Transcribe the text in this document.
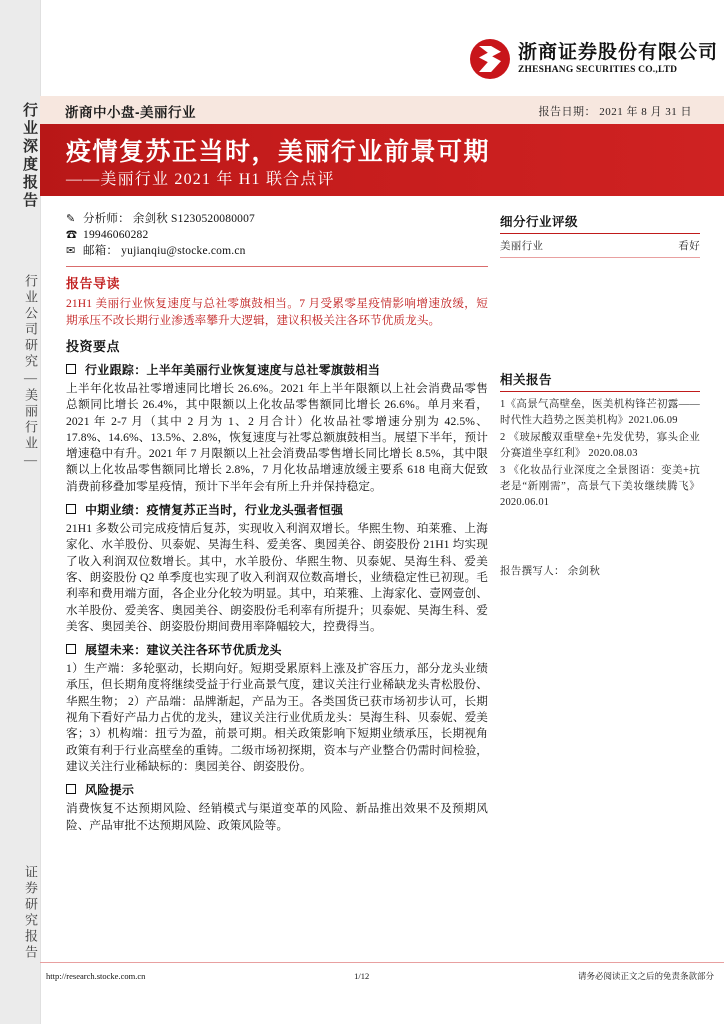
行业深度报告
行业公司研究—美丽行业—
证券研究报告
浙商证券股份有限公司
ZHESHANG SECURITIES CO.,LTD
浙商中小盘-美丽行业	报告日期： 2021 年 8 月 31 日
疫情复苏正当时，美丽行业前景可期
——美丽行业 2021 年 H1 联合点评
✎ 分析师： 余剑秋 S1230520080007
☎ 19946060282
✉ 邮箱： yujianqiu@stocke.com.cn
报告导读

21H1 美丽行业恢复速度与总社零旗鼓相当。7 月受累零星疫情影响增速放缓，短期承压不改长期行业渗透率攀升大逻辑，建议积极关注各环节优质龙头。

投资要点
行业跟踪：上半年美丽行业恢复速度与总社零旗鼓相当

上半年化妆品社零增速同比增长 26.6%。2021 年上半年限额以上社会消费品零售总额同比增长 26.4%，其中限额以上化妆品零售额同比增长 26.6%。单月来看，2021 年 2-7 月（其中 2 月为 1、2 月合计）化妆品社零增速分别为 42.5%、17.8%、14.6%、13.5%、2.8%，恢复速度与社零总额旗鼓相当。展望下半年，预计增速稳中有升。2021 年 7 月限额以上社会消费品零售增长同比增长 8.5%，其中限额以上化妆品零售额同比增长 2.8%，7 月化妆品增速放缓主要系 618 电商大促致消费前移叠加零星疫情，预计下半年会有所上升并保持稳定。

中期业绩：疫情复苏正当时，行业龙头强者恒强

21H1 多数公司完成疫情后复苏，实现收入利润双增长。华熙生物、珀莱雅、上海家化、水羊股份、贝泰妮、昊海生科、爱美客、奥园美谷、朗姿股份 21H1 均实现了收入利润双位数增长。其中，水羊股份、华熙生物、贝泰妮、昊海生科、爱美客、朗姿股份 Q2 单季度也实现了收入利润双位数高增长，业绩稳定性已初现。毛利率和费用端方面，各企业分化较为明显。其中，珀莱雅、上海家化、壹网壹创、水羊股份、爱美客、奥园美谷、朗姿股份毛利率有所提升；贝泰妮、昊海生科、爱美客、奥园美谷、朗姿股份期间费用率降幅较大，控费得当。

展望未来：建议关注各环节优质龙头

1）生产端：多轮驱动，长期向好。短期受累原料上涨及扩容压力，部分龙头业绩承压，但长期角度将继续受益于行业高景气度，建议关注行业稀缺龙头青松股份、华熙生物； 2）产品端：品牌渐起，产品为王。各类国货已获市场初步认可，长期视角下看好产品力占优的龙头，建议关注行业优质龙头：昊海生科、贝泰妮、爱美客；3）机构端：扭亏为盈，前景可期。相关政策影响下短期业绩承压，长期视角政策有利于行业高壁垒的重铸。二级市场初探期，资本与产业整合仍需时间检验，建议关注行业稀缺标的：奥园美谷、朗姿股份。

风险提示

消费恢复不达预期风险、经销模式与渠道变革的风险、新品推出效果不及预期风险、产品审批不达预期风险、政策风险等。

细分行业评级
美丽行业	看好
相关报告
1《高景气高壁垒，医美机构锋芒初露——时代性大趋势之医美机构》2021.06.09
2 《玻尿酸双重壁垒+先发优势，寡头企业分赛道坐享红利》 2020.08.03
3 《化妆品行业深度之全景图语：变美+抗老是“新刚需”，高景气下美妆继续腾飞》 2020.06.01
报告撰写人： 余剑秋
http://research.stocke.com.cn	1/12	请务必阅读正文之后的免责条款部分
